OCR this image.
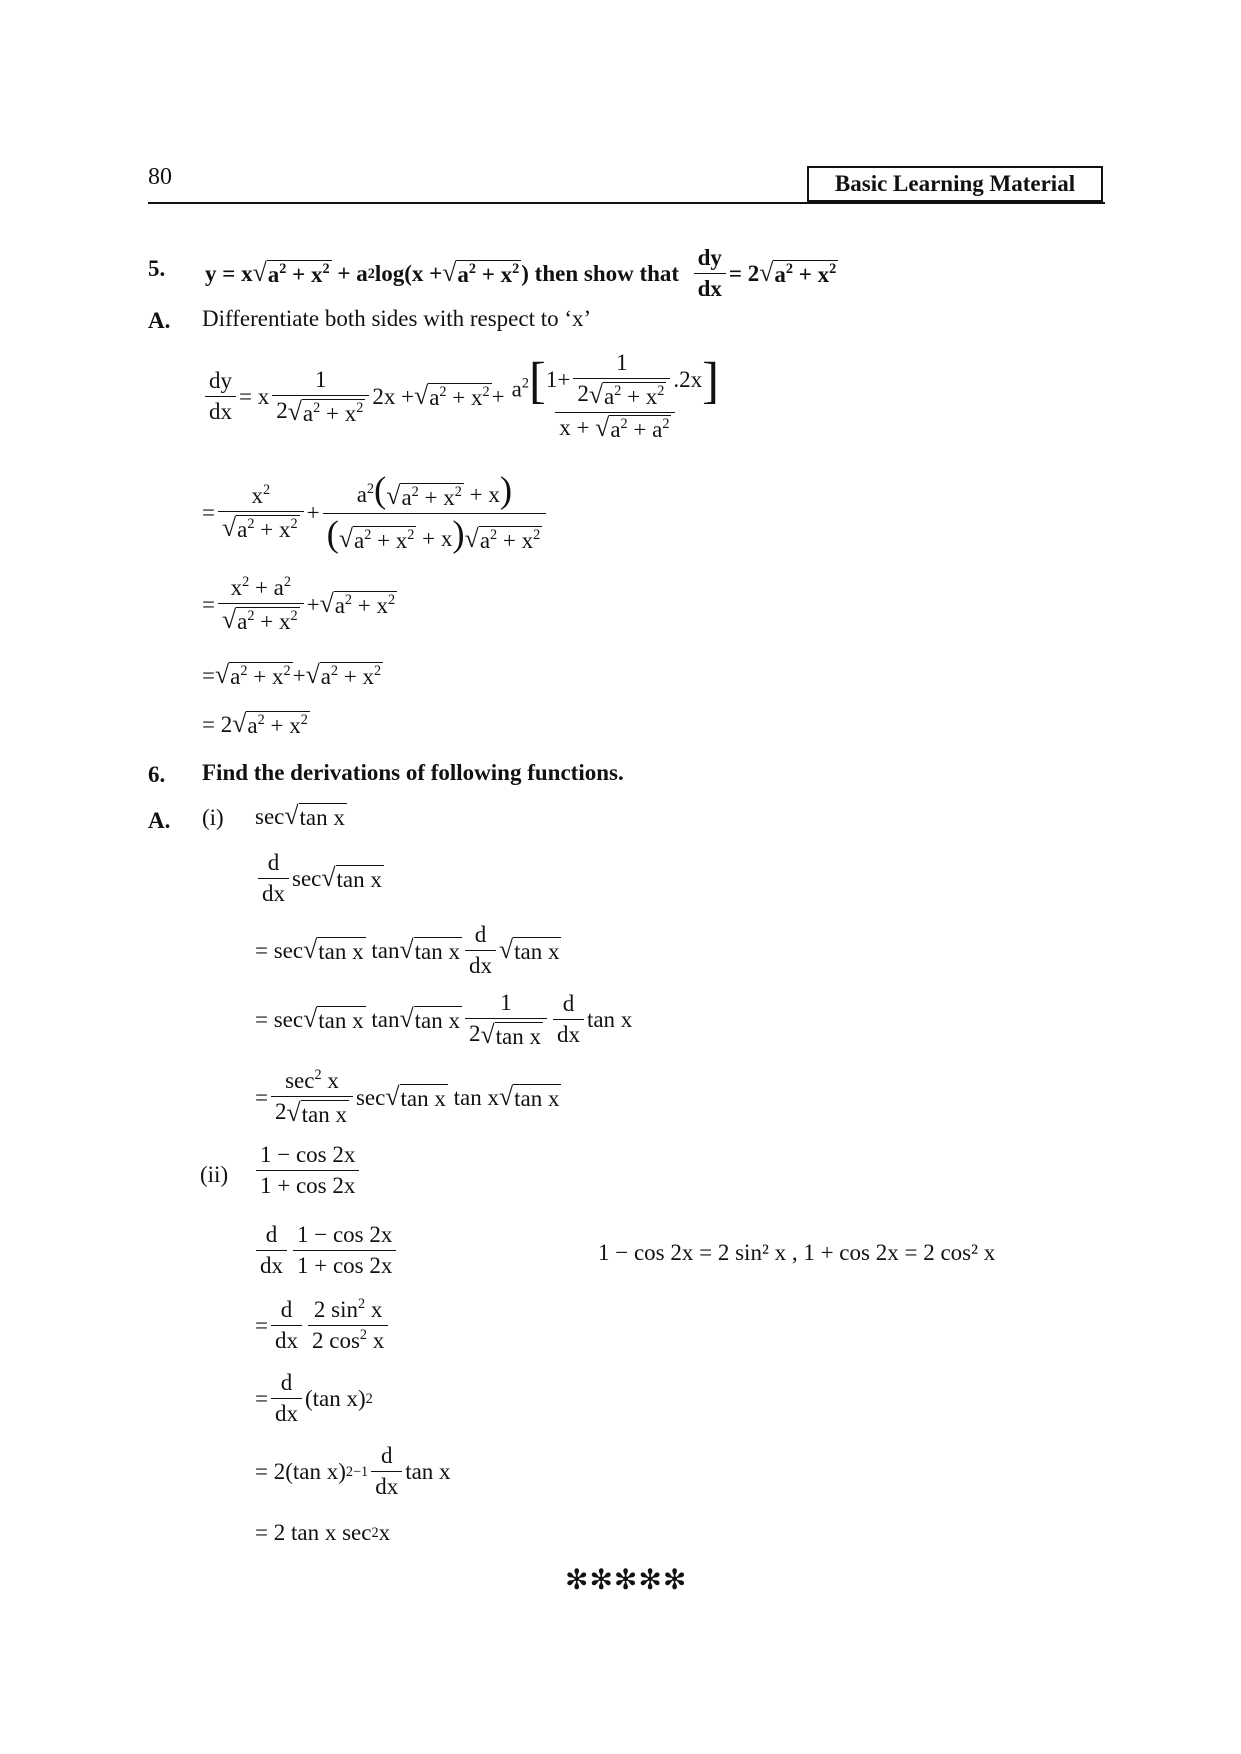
80	Basic Learning Material
5. y = x √ $a^2 + x^2 + a$ 2 log(x + √ $a^2 + x^2$ ) then show that
$\frac{dy}{dx} = 2$ √ $a^2 + x^2$
A. Differentiate both sides with respect to ‘x’
$\frac{dy}{dx} = x \frac{1}{2 √ a^2 + x^2} 2x$ + √ $a^2 + x^2 + \frac{a^2 [ 1+ \frac{1}{2 √ a^2 + x^2} .2x ]}{x + √ a^2 + a^2}$
= $\frac{x^2}{√ a^2 + x^2} + \frac{a^2( √ a^2 + x^2 + x)}{( √ a^2 + x^2 + x) √ a^2 + x^2}$
= $\frac{x^2 + a^2}{√ a^2 + x^2}$ + √ $a^2 + x^2$
= √ $a^2 + x^2$ + √ $a^2 + x^2$
= 2 √ $a^2 + x^2$
6. Find the derivations of following functions.
A. (i) sec √ tan x
$\frac{d}{dx}$ sec √ tan x
= sec √ tan x tan √ tan x $\frac{d}{dx}$ √ tan x
= sec √ tan x tan √ tan x $\frac{1}{\text{2 √ tan x}} \frac{d}{dx}$ tan x
= $\frac{\sec^2 x}{\text{2 √ tan x}}$ sec √ tan x tan x √ tan x
$(ii) \frac{1 - \cos 2x}{1 + \cos 2x}$
$\frac{d}{dx} \frac{1 - \cos 2x}{1 + \cos 2x}$	1 − cos 2x = 2 sin² x , 1 + cos 2x = 2 cos² x
= $\frac{d}{dx} \frac{2 \sin^2 x}{2 \cos^2 x}$
= $\frac{d}{dx} (\tan$ x) 2
= 2(tan x) $2-1 \frac{d}{dx}$ tan x
= 2 tan x sec 2 x
✻✻✻✻✻
